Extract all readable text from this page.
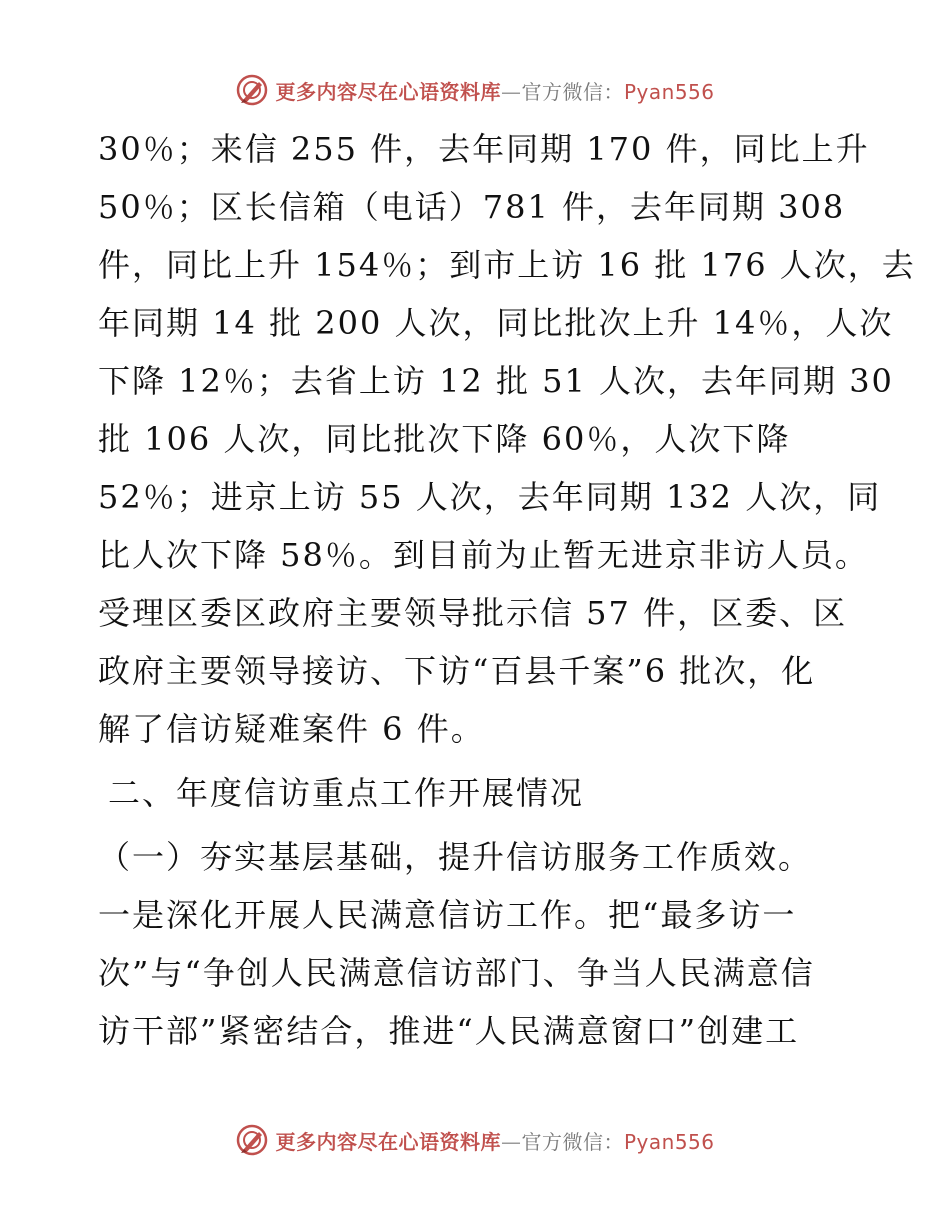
更多内容尽在心语资料库 — 官方微信： Pyan556
30％；来信 255 件，去年同期 170 件，同比上升
50％；区长信箱（电话）781 件，去年同期 308
件，同比上升 154％；到市上访 16 批 176 人次，去
年同期 14 批 200 人次，同比批次上升 14％，人次
下降 12％；去省上访 12 批 51 人次，去年同期 30
批 106 人次，同比批次下降 60％，人次下降
52％；进京上访 55 人次，去年同期 132 人次，同
比人次下降 58％。到目前为止暂无进京非访人员。
受理区委区政府主要领导批示信 57 件，区委、区
政府主要领导接访、下访“百县千案”6 批次，化
解了信访疑难案件 6 件。
二、年度信访重点工作开展情况
（一）夯实基层基础，提升信访服务工作质效。
一是深化开展人民满意信访工作。把“最多访一
次”与“争创人民满意信访部门、争当人民满意信
访干部”紧密结合，推进“人民满意窗口”创建工
更多内容尽在心语资料库 — 官方微信： Pyan556
